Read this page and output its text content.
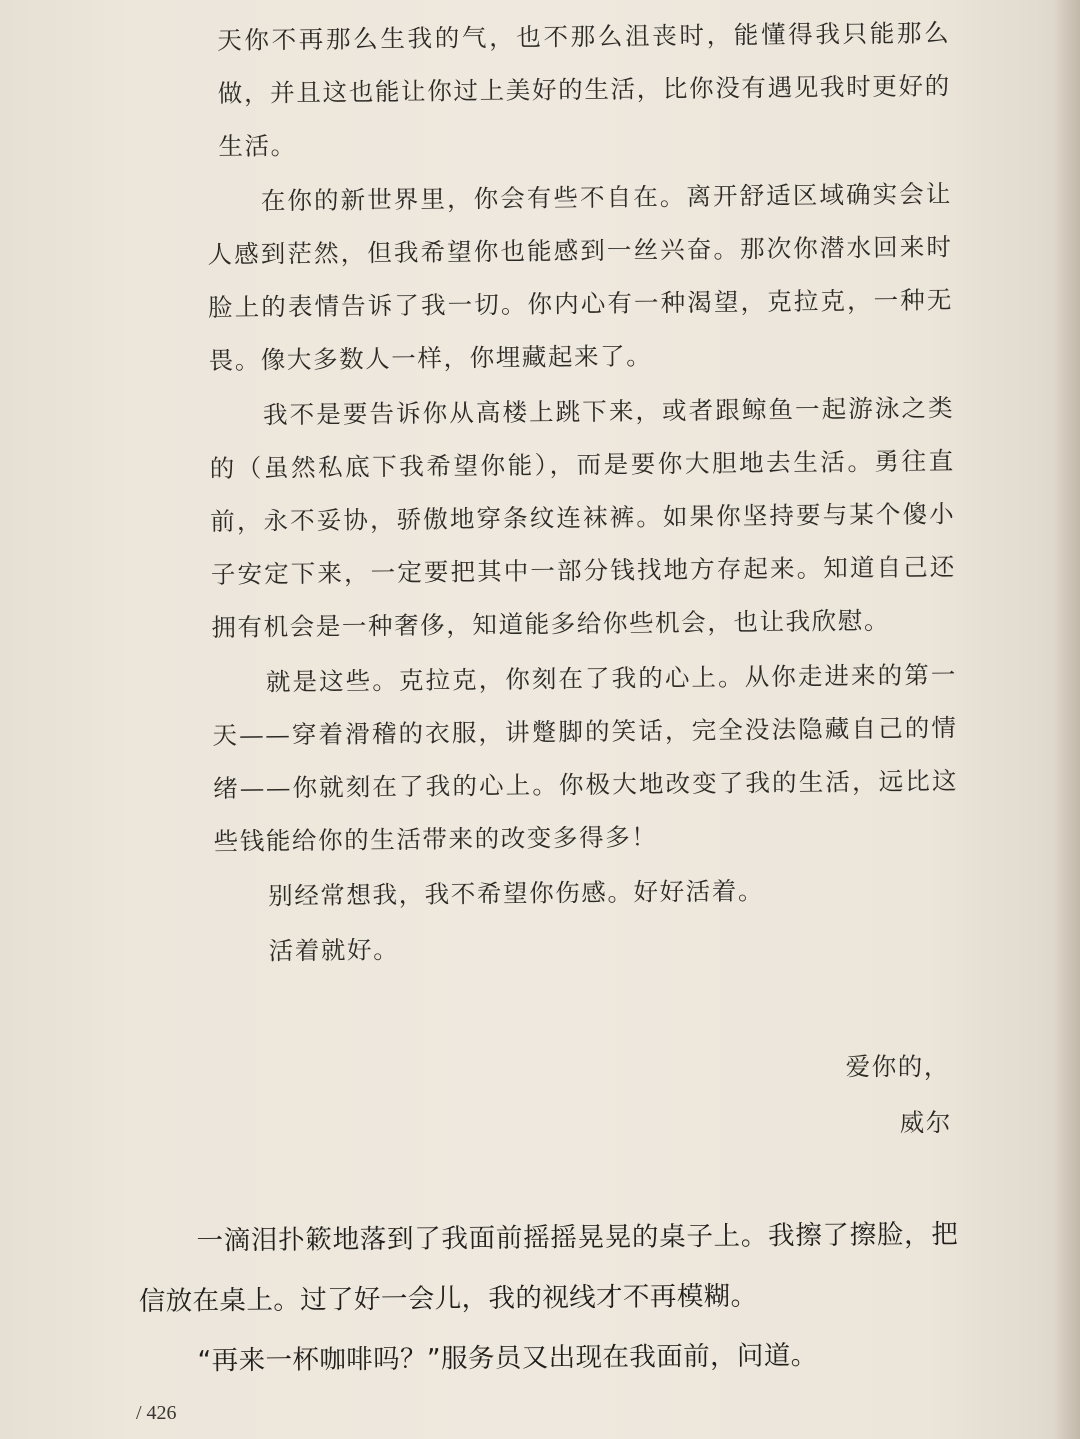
天你不再那么生我的气，也不那么沮丧时，能懂得我只能那么做，并且这也能让你过上美好的生活，比你没有遇见我时更好的生活。

在你的新世界里，你会有些不自在。离开舒适区域确实会让人感到茫然，但我希望你也能感到一丝兴奋。那次你潜水回来时脸上的表情告诉了我一切。你内心有一种渴望，克拉克，一种无畏。像大多数人一样，你埋藏起来了。

我不是要告诉你从高楼上跳下来，或者跟鲸鱼一起游泳之类的（虽然私底下我希望你能），而是要你大胆地去生活。勇往直前，永不妥协，骄傲地穿条纹连袜裤。如果你坚持要与某个傻小子安定下来，一定要把其中一部分钱找地方存起来。知道自己还拥有机会是一种奢侈，知道能多给你些机会，也让我欣慰。

就是这些。克拉克，你刻在了我的心上。从你走进来的第一天——穿着滑稽的衣服，讲蹩脚的笑话，完全没法隐藏自己的情绪——你就刻在了我的心上。你极大地改变了我的生活，远比这些钱能给你的生活带来的改变多得多！

别经常想我，我不希望你伤感。好好活着。

活着就好。

爱你的，
威尔

一滴泪扑簌地落到了我面前摇摇晃晃的桌子上。我擦了擦脸，把信放在桌上。过了好一会儿，我的视线才不再模糊。

“再来一杯咖啡吗？”服务员又出现在我面前，问道。

/ 426
